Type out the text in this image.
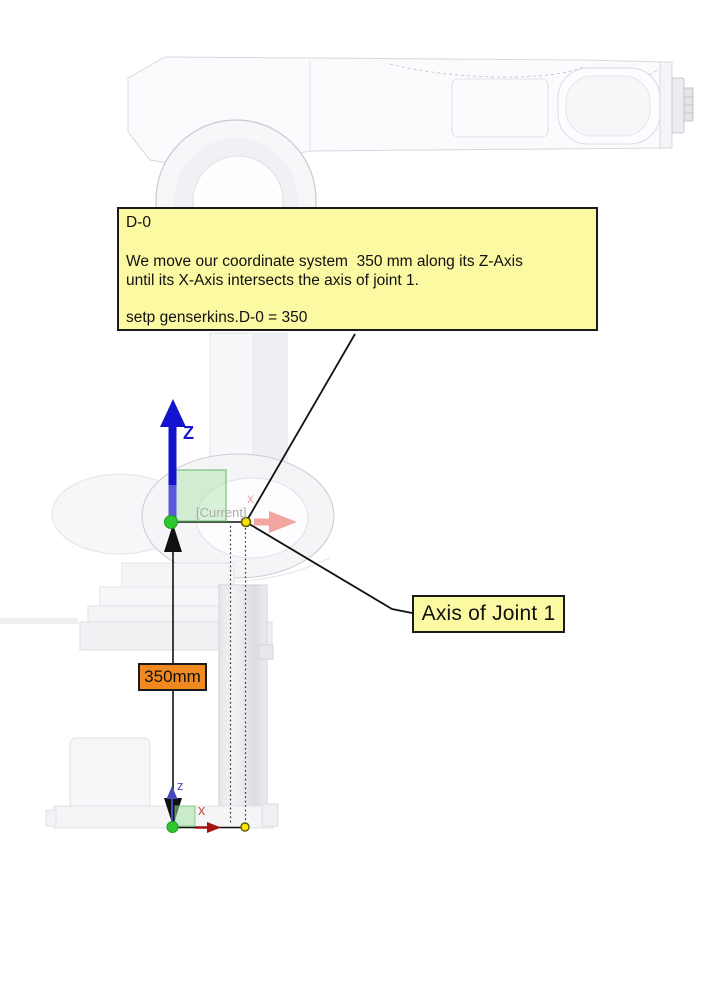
D-0
We move our coordinate system  350 mm along its Z-Axis
until its X-Axis intersects the axis of joint 1.
setp genserkins.D-0 = 350
Axis of Joint 1
350mm
Z
[Current]
x
z
x
